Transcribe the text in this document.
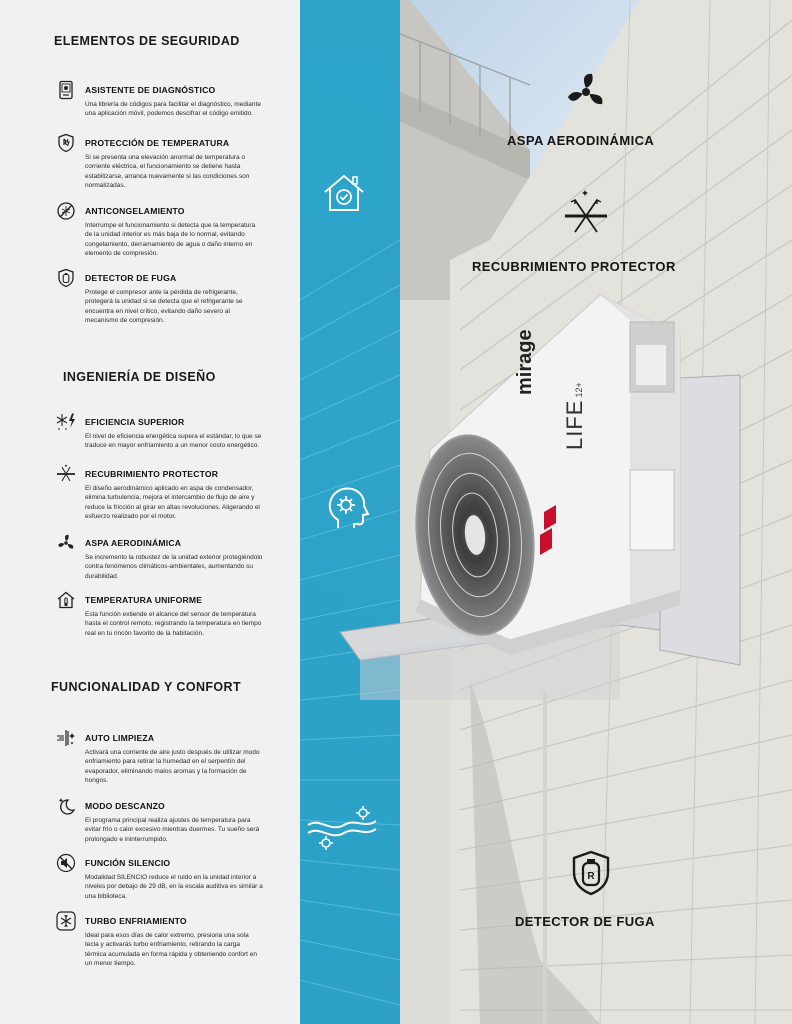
ELEMENTOS DE SEGURIDAD
ASISTENTE DE DIAGNÓSTICO
Una librería de códigos para facilitar el diagnóstico, mediante una aplicación móvil, podemos descifrar el código emitido.
PROTECCIÓN DE TEMPERATURA
Si se presenta una elevación anormal de temperatura o corriente eléctrica, el funcionamiento se detiene hasta estabilizarse, arranca nuevamente si las condiciones son normalizadas.
ANTICONGELAMIENTO
Interrumpe el funcionamiento si detecta que la temperatura de la unidad interior es más baja de lo normal, evitando congelamiento, derramamiento de agua o daño interno en elemento de compresión.
DETECTOR DE FUGA
Protege el compresor ante la pérdida de refrigerante, protegerá la unidad si se detecta que el refrigerante se encuentra en nivel crítico, evitando daño severo al mecanismo de compresión.
INGENIERÍA DE DISEÑO
EFICIENCIA SUPERIOR
El nivel de eficiencia energética supera el estándar, lo que se traduce en mayor enfriamiento a un menor costo energético.
RECUBRIMIENTO PROTECTOR
El diseño aerodinámico aplicado en aspa de condensador, elimina turbulencia, mejora el intercambio de flujo de aire y reduce la fricción al girar en altas revoluciones. Aligerando el esfuerzo realizado por el motor.
ASPA AERODINÁMICA
Se incremento la robustez de la unidad exterior protegiéndolo contra fenómenos climáticos-ambientales, aumentando su durabilidad.
TEMPERATURA UNIFORME
Esta función extiende el alcance del sensor de temperatura hasta el control remoto, registrando la temperatura en tiempo real en tu rincón favorito de la habitación.
FUNCIONALIDAD Y CONFORT
AUTO LIMPIEZA
Activará una corriente de aire justo después de utilizar modo enfriamiento para retirar la humedad en el serpentín del evaporador, eliminando malos aromas y la formación de hongos.
MODO DESCANZO
El programa principal realiza ajustes de temperatura para evitar frío o calor excesivo mientras duermes. Tu sueño será prolongado e ininterrumpido.
FUNCIÓN SILENCIO
Modalidad SILENCIO reduce el ruido en la unidad interior a niveles por debajo de 29 dB, en la escala auditiva es similar a una biblioteca.
TURBO ENFRIAMIENTO
Ideal para esos días de calor extremo, presiona una sola tecla y activarás turbo enfriamiento, retirando la carga térmica acumulada en forma rápida y obteniendo confort en un menor tiempo.
mirage
LIFE12+
ASPA AERODINÁMICA
RECUBRIMIENTO PROTECTOR
R
DETECTOR DE FUGA
